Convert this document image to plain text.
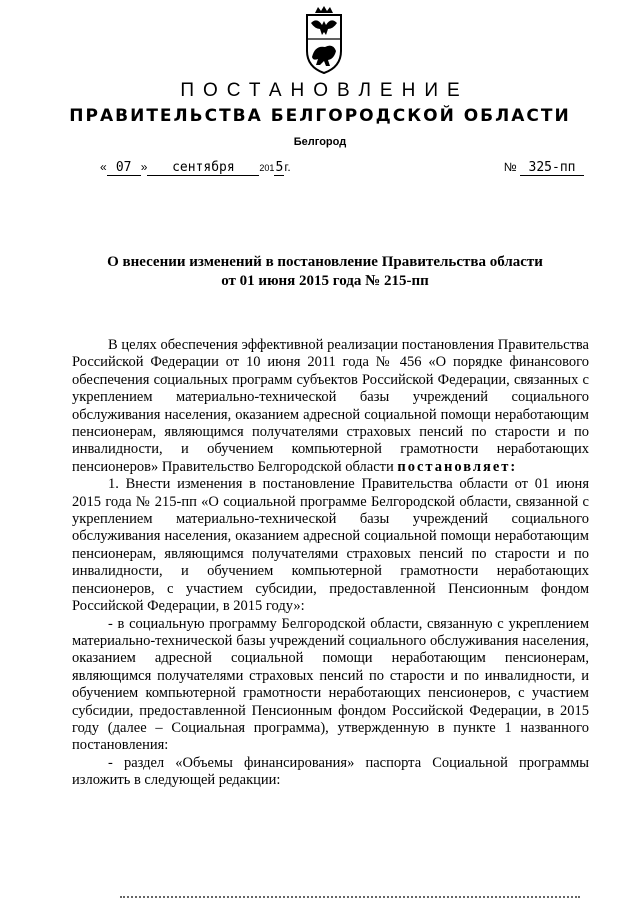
ПОСТАНОВЛЕНИЕ
ПРАВИТЕЛЬСТВА БЕЛГОРОДСКОЙ ОБЛАСТИ
Белгород
« 07 » сентября	2015г.	№ 325-пп
О внесении изменений в постановление Правительства области
от 01 июня 2015 года № 215-пп

В целях обеспечения эффективной реализации постановления Правительства Российской Федерации от 10 июня 2011 года № 456 «О порядке финансового обеспечения социальных программ субъектов Российской Федерации, связанных с укреплением материально-технической базы учреждений социального обслуживания населения, оказанием адресной социальной помощи неработающим пенсионерам, являющимся получателями страховых пенсий по старости и по инвалидности, и обучением компьютерной грамотности неработающих пенсионеров» Правительство Белгородской области постановляет:

1. Внести изменения в постановление Правительства области от 01 июня 2015 года № 215-пп «О социальной программе Белгородской области, связанной с укреплением материально-технической базы учреждений социального обслуживания населения, оказанием адресной социальной помощи неработающим пенсионерам, являющимся получателями страховых пенсий по старости и по инвалидности, и обучением компьютерной грамотности неработающих пенсионеров, с участием субсидии, предоставленной Пенсионным фондом Российской Федерации, в 2015 году»:

- в социальную программу Белгородской области, связанную с укреплением материально-технической базы учреждений социального обслуживания населения, оказанием адресной социальной помощи неработающим пенсионерам, являющимся получателями страховых пенсий по старости и по инвалидности, и обучением компьютерной грамотности неработающих пенсионеров, с участием субсидии, предоставленной Пенсионным фондом Российской Федерации, в 2015 году (далее – Социальная программа), утвержденную в пункте 1 названного постановления:

- раздел «Объемы финансирования» паспорта Социальной программы изложить в следующей редакции:
